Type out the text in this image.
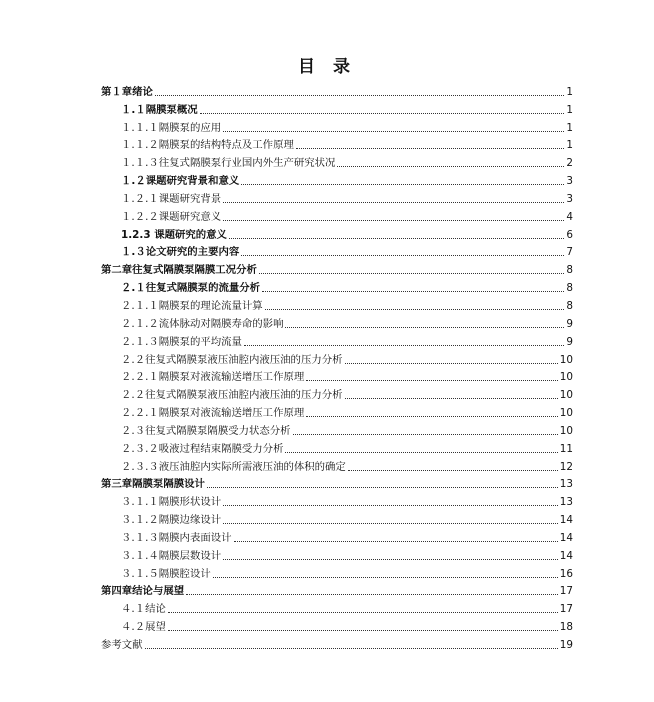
目 录
第１章绪论	1
１.１隔膜泵概况	1
１.１.１隔膜泵的应用	1
１.１.２隔膜泵的结构特点及工作原理	1
１.１.３往复式隔膜泵行业国内外生产研究状况	2
１.２课题研究背景和意义	3
１.２.１课题研究背景	3
１.２.２课题研究意义	4
1.2.3 课题研究的意义	6
１.３论文研究的主要内容	7
第二章往复式隔膜泵隔膜工况分析	8
２.１往复式隔膜泵的流量分析	8
２.１.１隔膜泵的理论流量计算	8
２.１.２流体脉动对隔膜寿命的影响	9
２.１.３隔膜泵的平均流量	9
２.２往复式隔膜泵液压油腔内液压油的压力分析	10
２.２.１隔膜泵对液流输送增压工作原理	10
２.２往复式隔膜泵液压油腔内液压油的压力分析	10
２.２.１隔膜泵对液流输送增压工作原理	10
２.３往复式隔膜泵隔膜受力状态分析	10
２.３.２吸液过程结束隔膜受力分析	11
２.３.３液压油腔内实际所需液压油的体积的确定	12
第三章隔膜泵隔膜设计	13
３.１.１隔膜形状设计	13
３.１.２隔膜边缘设计	14
３.１.３隔膜内表面设计	14
３.１.４隔膜层数设计	14
３.１.５隔膜腔设计	16
第四章结论与展望	17
４.１结论	17
４.２展望	18
参考文献	19
